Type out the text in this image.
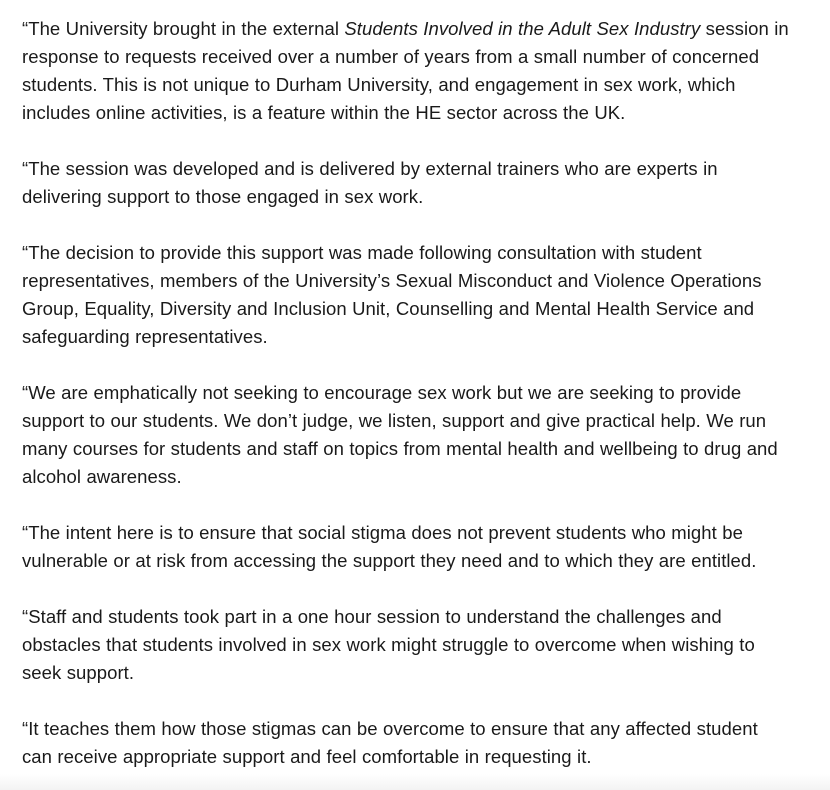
“The University brought in the external Students Involved in the Adult Sex Industry session in
response to requests received over a number of years from a small number of concerned
students. This is not unique to Durham University, and engagement in sex work, which
includes online activities, is a feature within the HE sector across the UK.

“The session was developed and is delivered by external trainers who are experts in
delivering support to those engaged in sex work.

“The decision to provide this support was made following consultation with student
representatives, members of the University’s Sexual Misconduct and Violence Operations
Group, Equality, Diversity and Inclusion Unit, Counselling and Mental Health Service and
safeguarding representatives.

“We are emphatically not seeking to encourage sex work but we are seeking to provide
support to our students. We don’t judge, we listen, support and give practical help. We run
many courses for students and staff on topics from mental health and wellbeing to drug and
alcohol awareness.

“The intent here is to ensure that social stigma does not prevent students who might be
vulnerable or at risk from accessing the support they need and to which they are entitled.

“Staff and students took part in a one hour session to understand the challenges and
obstacles that students involved in sex work might struggle to overcome when wishing to
seek support.

“It teaches them how those stigmas can be overcome to ensure that any affected student
can receive appropriate support and feel comfortable in requesting it.
